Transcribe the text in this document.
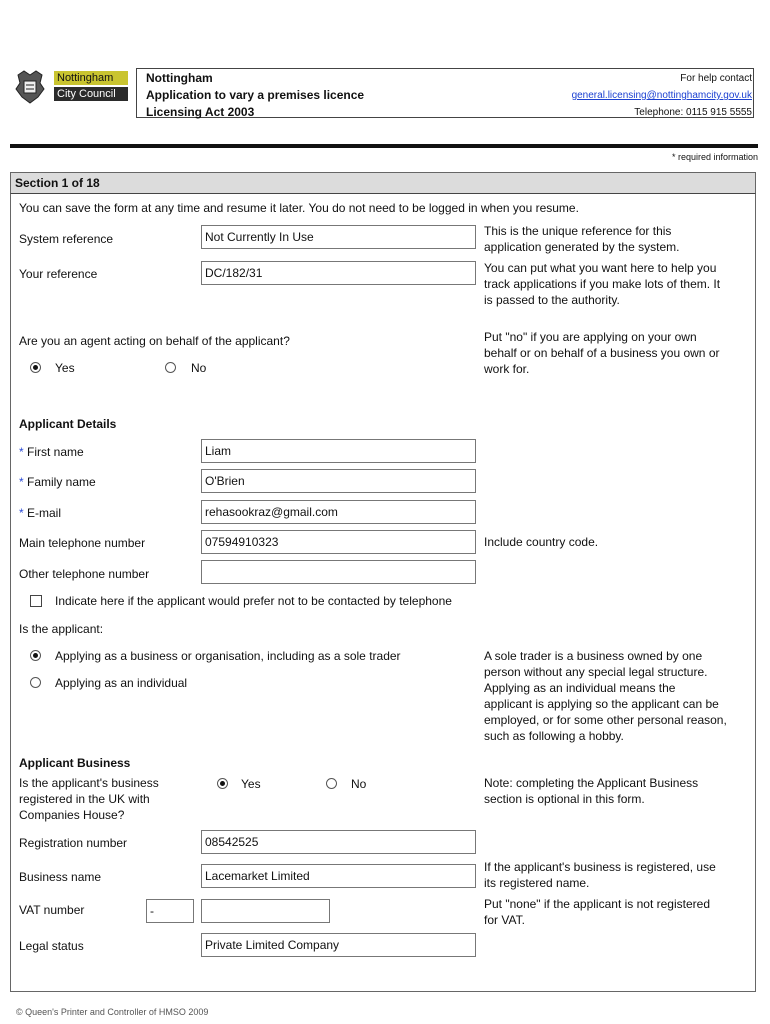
Nottingham
City Council
Nottingham
Application to vary a premises licence
Licensing Act 2003
For help contact
general.licensing@nottinghamcity.gov.uk
Telephone: 0115 915 5555
* required information
Section 1 of 18
You can save the form at any time and resume it later. You do not need to be logged in when you resume.
System reference	Not Currently In Use	This is the unique reference for this
application generated by the system.
Your reference	DC/182/31	You can put what you want here to help you
track applications if you make lots of them. It
is passed to the authority.
Are you an agent acting on behalf of the applicant?	Put "no" if you are applying on your own
behalf or on behalf of a business you own or
work for.
Yes	No
Applicant Details
* First name	Liam
* Family name	O'Brien
* E-mail	rehasookraz@gmail.com
Main telephone number	07594910323	Include country code.
Other telephone number
Indicate here if the applicant would prefer not to be contacted by telephone
Is the applicant:
Applying as a business or organisation, including as a sole trader
Applying as an individual
A sole trader is a business owned by one
person without any special legal structure.
Applying as an individual means the
applicant is applying so the applicant can be
employed, or for some other personal reason,
such as following a hobby.
Applicant Business
Is the applicant's business
registered in the UK with
Companies House?
Yes	No	Note: completing the Applicant Business
section is optional in this form.
Registration number	08542525
Business name	Lacemarket Limited
If the applicant's business is registered, use
its registered name.
VAT number	-	Put "none" if the applicant is not registered
for VAT.
Legal status	Private Limited Company
© Queen's Printer and Controller of HMSO 2009
